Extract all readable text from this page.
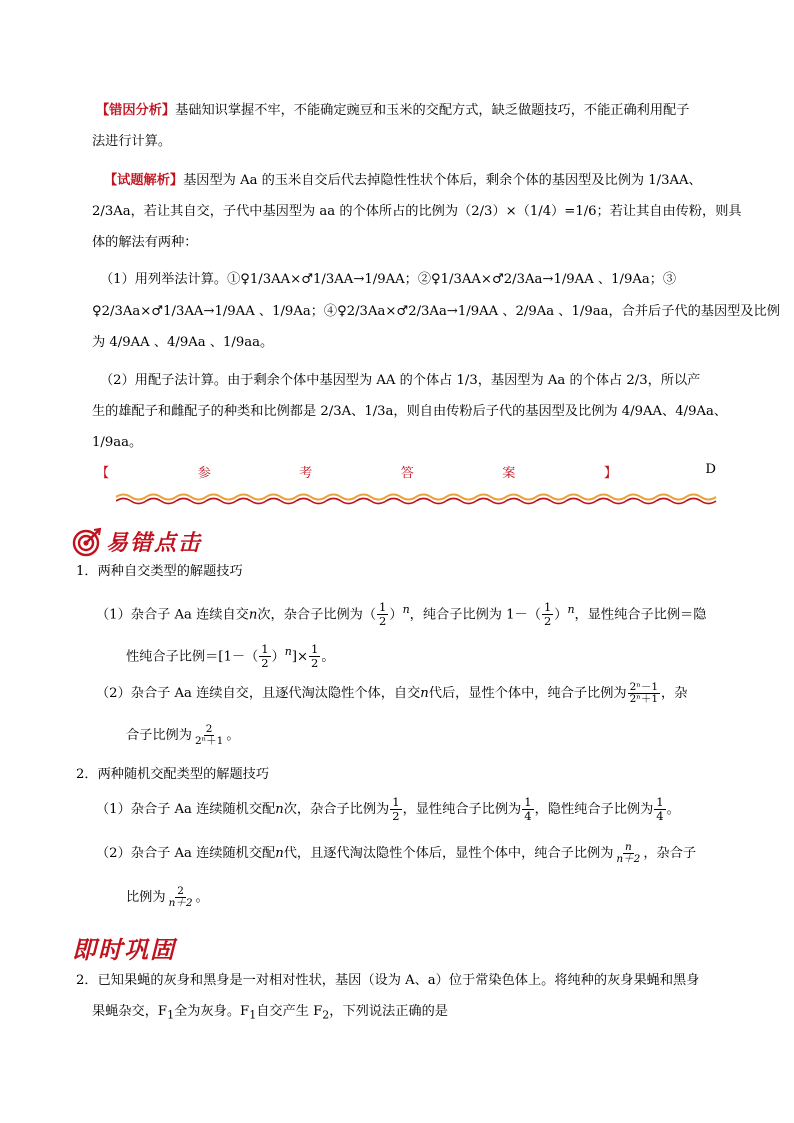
【错因分析】基础知识掌握不牢，不能确定豌豆和玉米的交配方式，缺乏做题技巧，不能正确利用配子
法进行计算。
【试题解析】基因型为 Aa 的玉米自交后代去掉隐性性状个体后，剩余个体的基因型及比例为 1/3AA、
2/3Aa，若让其自交，子代中基因型为 aa 的个体所占的比例为（2/3）×（1/4）=1/6；若让其自由传粉，则具
体的解法有两种：
（1）用列举法计算。①♀1/3AA×♂1/3AA→1/9AA；②♀1/3AA×♂2/3Aa→1/9AA 、1/9Aa；③
♀2/3Aa×♂1/3AA→1/9AA 、1/9Aa；④♀2/3Aa×♂2/3Aa→1/9AA 、2/9Aa 、1/9aa，合并后子代的基因型及比例
为 4/9AA 、4/9Aa 、1/9aa。
（2）用配子法计算。由于剩余个体中基因型为 AA 的个体占 1/3，基因型为 Aa 的个体占 2/3，所以产
生的雄配子和雌配子的种类和比例都是 2/3A、1/3a，则自由传粉后子代的基因型及比例为 4/9AA、4/9Aa、
1/9aa。
【	参	考	答	案	】	D
易错点击
1．两种自交类型的解题技巧
（1）杂合子 Aa 连续自交n次，杂合子比例为（ $\frac{1}{2} )^n$，纯合子比例为 $1-( \frac{1}{2} )^n$，显性纯合子比例＝隐
性纯合子比例$=[1-( \frac{1}{2} )^n]\times \frac{1}{2}$ 。
（2）杂合子 Aa 连续自交，且逐代淘汰隐性个体，自交n代后，显性个体中，纯合子比例为 $\frac{\text{2ⁿ－1}}{\text{2ⁿ＋1}}$ ，杂
合子比例为 $\frac{2}{\text{2ⁿ＋1}}$ 。
2．两种随机交配类型的解题技巧
（1）杂合子 Aa 连续随机交配n次，杂合子比例为 $\frac{1}{2}$ ，显性纯合子比例为 $\frac{1}{4}$ ，隐性纯合子比例为 $\frac{1}{4}$ 。
（2）杂合子 Aa 连续随机交配n代，且逐代淘汰隐性个体后，显性个体中，纯合子比例为 $\frac{n}{n+2}$ ，杂合子
比例为 $\frac{2}{n+2}$ 。
即时巩固
2．已知果蝇的灰身和黑身是一对相对性状，基因（设为 A、a）位于常染色体上。将纯种的灰身果蝇和黑身
果蝇杂交，$F_1$全为灰身。$F_1$自交产生 $F_2$，下列说法正确的是
